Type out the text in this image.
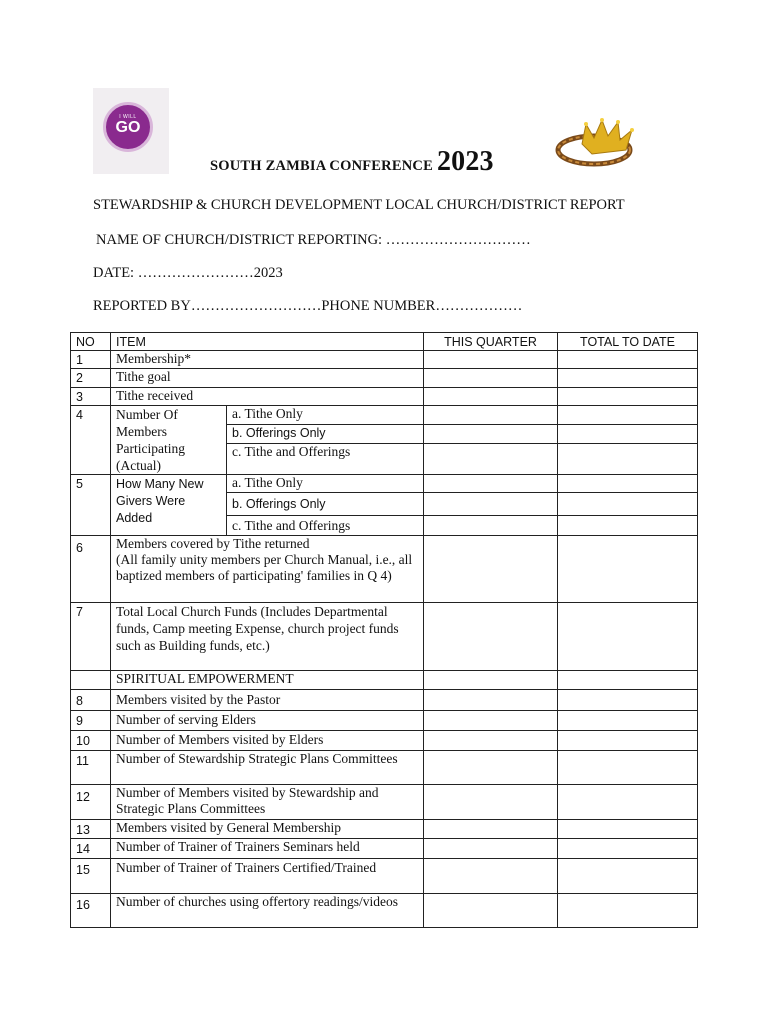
I WILL
GO
SOUTH ZAMBIA CONFERENCE 2023
STEWARDSHIP & CHURCH DEVELOPMENT LOCAL CHURCH/DISTRICT REPORT
NAME OF CHURCH/DISTRICT REPORTING: …………………………
DATE: ……………………2023
REPORTED BY………………………PHONE NUMBER………………
NO	ITEM		THIS QUARTER	TOTAL TO DATE
1	Membership*			
2	Tithe goal			
3	Tithe received			
4	Number Of Members Participating (Actual)	a. Tithe Only		
		b. Offerings Only		
		c. Tithe and Offerings		
5	How Many New Givers Were Added	a. Tithe Only		
		b. Offerings Only		
		c. Tithe and Offerings		
6	Members covered by Tithe returned
(All family unity members per Church Manual, i.e., all baptized members of participating' families in Q 4)			

7	Total Local Church Funds (Includes Departmental funds, Camp meeting Expense, church project funds such as Building funds, etc.)			
	SPIRITUAL EMPOWERMENT			
8	Members visited by the Pastor			
9	Number of serving Elders			
10	Number of Members visited by Elders			
11	Number of Stewardship Strategic Plans Committees			
12	Number of Members visited by Stewardship and Strategic Plans Committees			
13	Members visited by General Membership			
14	Number of Trainer of Trainers Seminars held			
15	Number of Trainer of Trainers Certified/Trained			
16	Number of churches using offertory readings/videos			
